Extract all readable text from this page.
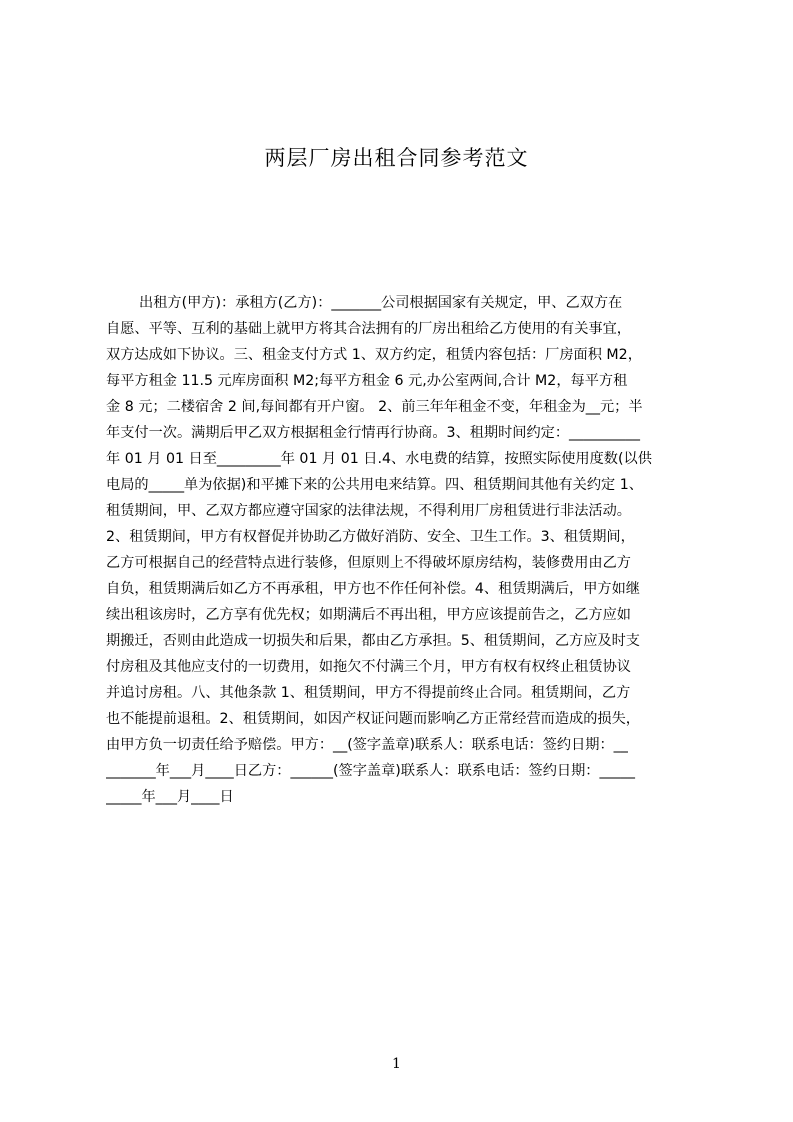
两层厂房出租合同参考范文
出租方(甲方)：承租方(乙方)：_______公司根据国家有关规定，甲、乙双方在
自愿、平等、互利的基础上就甲方将其合法拥有的厂房出租给乙方使用的有关事宜，
双方达成如下协议。三、租金支付方式 1、双方约定，租赁内容包括：厂房面积 M2，
每平方租金 11.5 元库房面积 M2;每平方租金 6 元,办公室两间,合计 M2，每平方租
金 8 元；二楼宿舍 2 间,每间都有开户窗。 2、前三年年租金不变，年租金为__元；半
年支付一次。满期后甲乙双方根据租金行情再行协商。3、租期时间约定：__________
年 01 月 01 日至_________年 01 月 01 日.4、水电费的结算，按照实际使用度数(以供
电局的_____单为依据)和平摊下来的公共用电来结算。四、租赁期间其他有关约定 1、
租赁期间，甲、乙双方都应遵守国家的法律法规，不得利用厂房租赁进行非法活动。
2、租赁期间，甲方有权督促并协助乙方做好消防、安全、卫生工作。3、租赁期间，
乙方可根据自己的经营特点进行装修，但原则上不得破坏原房结构，装修费用由乙方
自负，租赁期满后如乙方不再承租，甲方也不作任何补偿。4、租赁期满后，甲方如继
续出租该房时，乙方享有优先权；如期满后不再出租，甲方应该提前告之，乙方应如
期搬迁，否则由此造成一切损失和后果，都由乙方承担。5、租赁期间，乙方应及时支
付房租及其他应支付的一切费用，如拖欠不付满三个月，甲方有权有权终止租赁协议
并追讨房租。八、其他条款 1、租赁期间，甲方不得提前终止合同。租赁期间，乙方
也不能提前退租。2、租赁期间，如因产权证问题而影响乙方正常经营而造成的损失，
由甲方负一切责任给予赔偿。甲方：__(签字盖章)联系人：联系电话：签约日期：__
_______年___月____日乙方：______(签字盖章)联系人：联系电话：签约日期：_____
_____年___月____日
1
